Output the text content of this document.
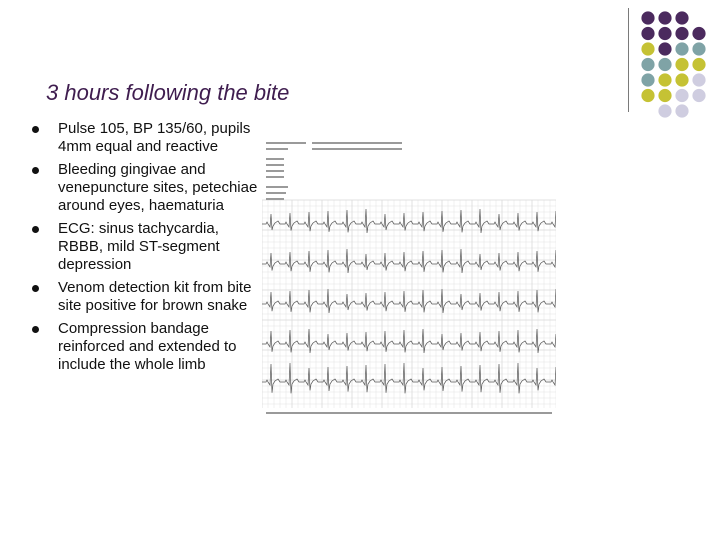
3 hours following the bite
Pulse 105, BP 135/60, pupils 4mm equal and reactive
Bleeding gingivae and venepuncture sites, petechiae around eyes, haematuria
ECG: sinus tachycardia, RBBB, mild ST-segment depression
Venom detection kit from bite site positive for brown snake
Compression bandage reinforced and extended to include the whole limb
